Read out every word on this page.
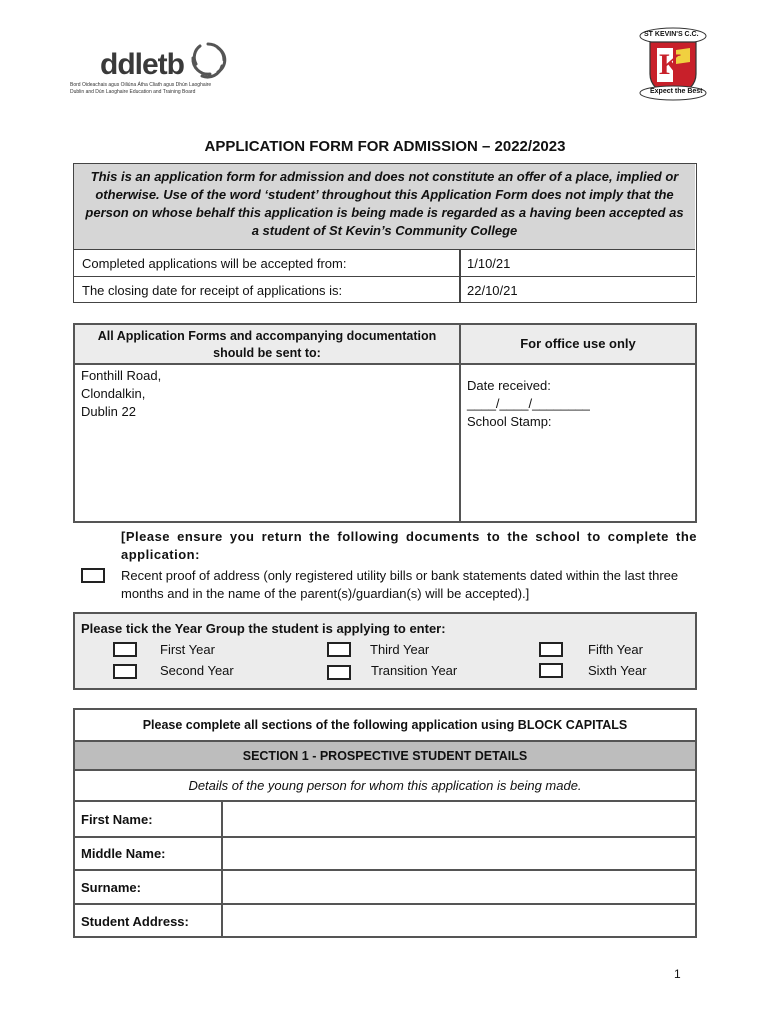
ddletb
Bord Oideachais agus Oiliúna Átha Cliath agus Dhún Laoghaire
Dublin and Dún Laoghaire Education and Training Board
ST KEVIN'S C.C.
K
Expect the Best
APPLICATION FORM FOR ADMISSION – 2022/2023
This is an application form for admission and does not constitute an offer of a place, implied or otherwise. Use of the word ‘student’ throughout this Application Form does not imply that the person on whose behalf this application is being made is regarded as a having been accepted as a student of St Kevin’s Community College
Completed applications will be accepted from:	1/10/21
The closing date for receipt of applications is:	22/10/21
All Application Forms and accompanying documentation should be sent to:
For office use only
Fonthill Road,
Clondalkin,
Dublin 22
Date received:
____/____/________
School Stamp:
[Please ensure you return the following documents to the school to complete the application:
Recent proof of address (only registered utility bills or bank statements dated within the last three months and in the name of the parent(s)/guardian(s) will be accepted).]
Please tick the Year Group the student is applying to enter:
First Year
Second Year
Third Year
Transition Year
Fifth Year
Sixth Year
Please complete all sections of the following application using BLOCK CAPITALS
SECTION 1 - PROSPECTIVE STUDENT DETAILS
Details of the young person for whom this application is being made.
First Name:
Middle Name:
Surname:
Student Address:
1
